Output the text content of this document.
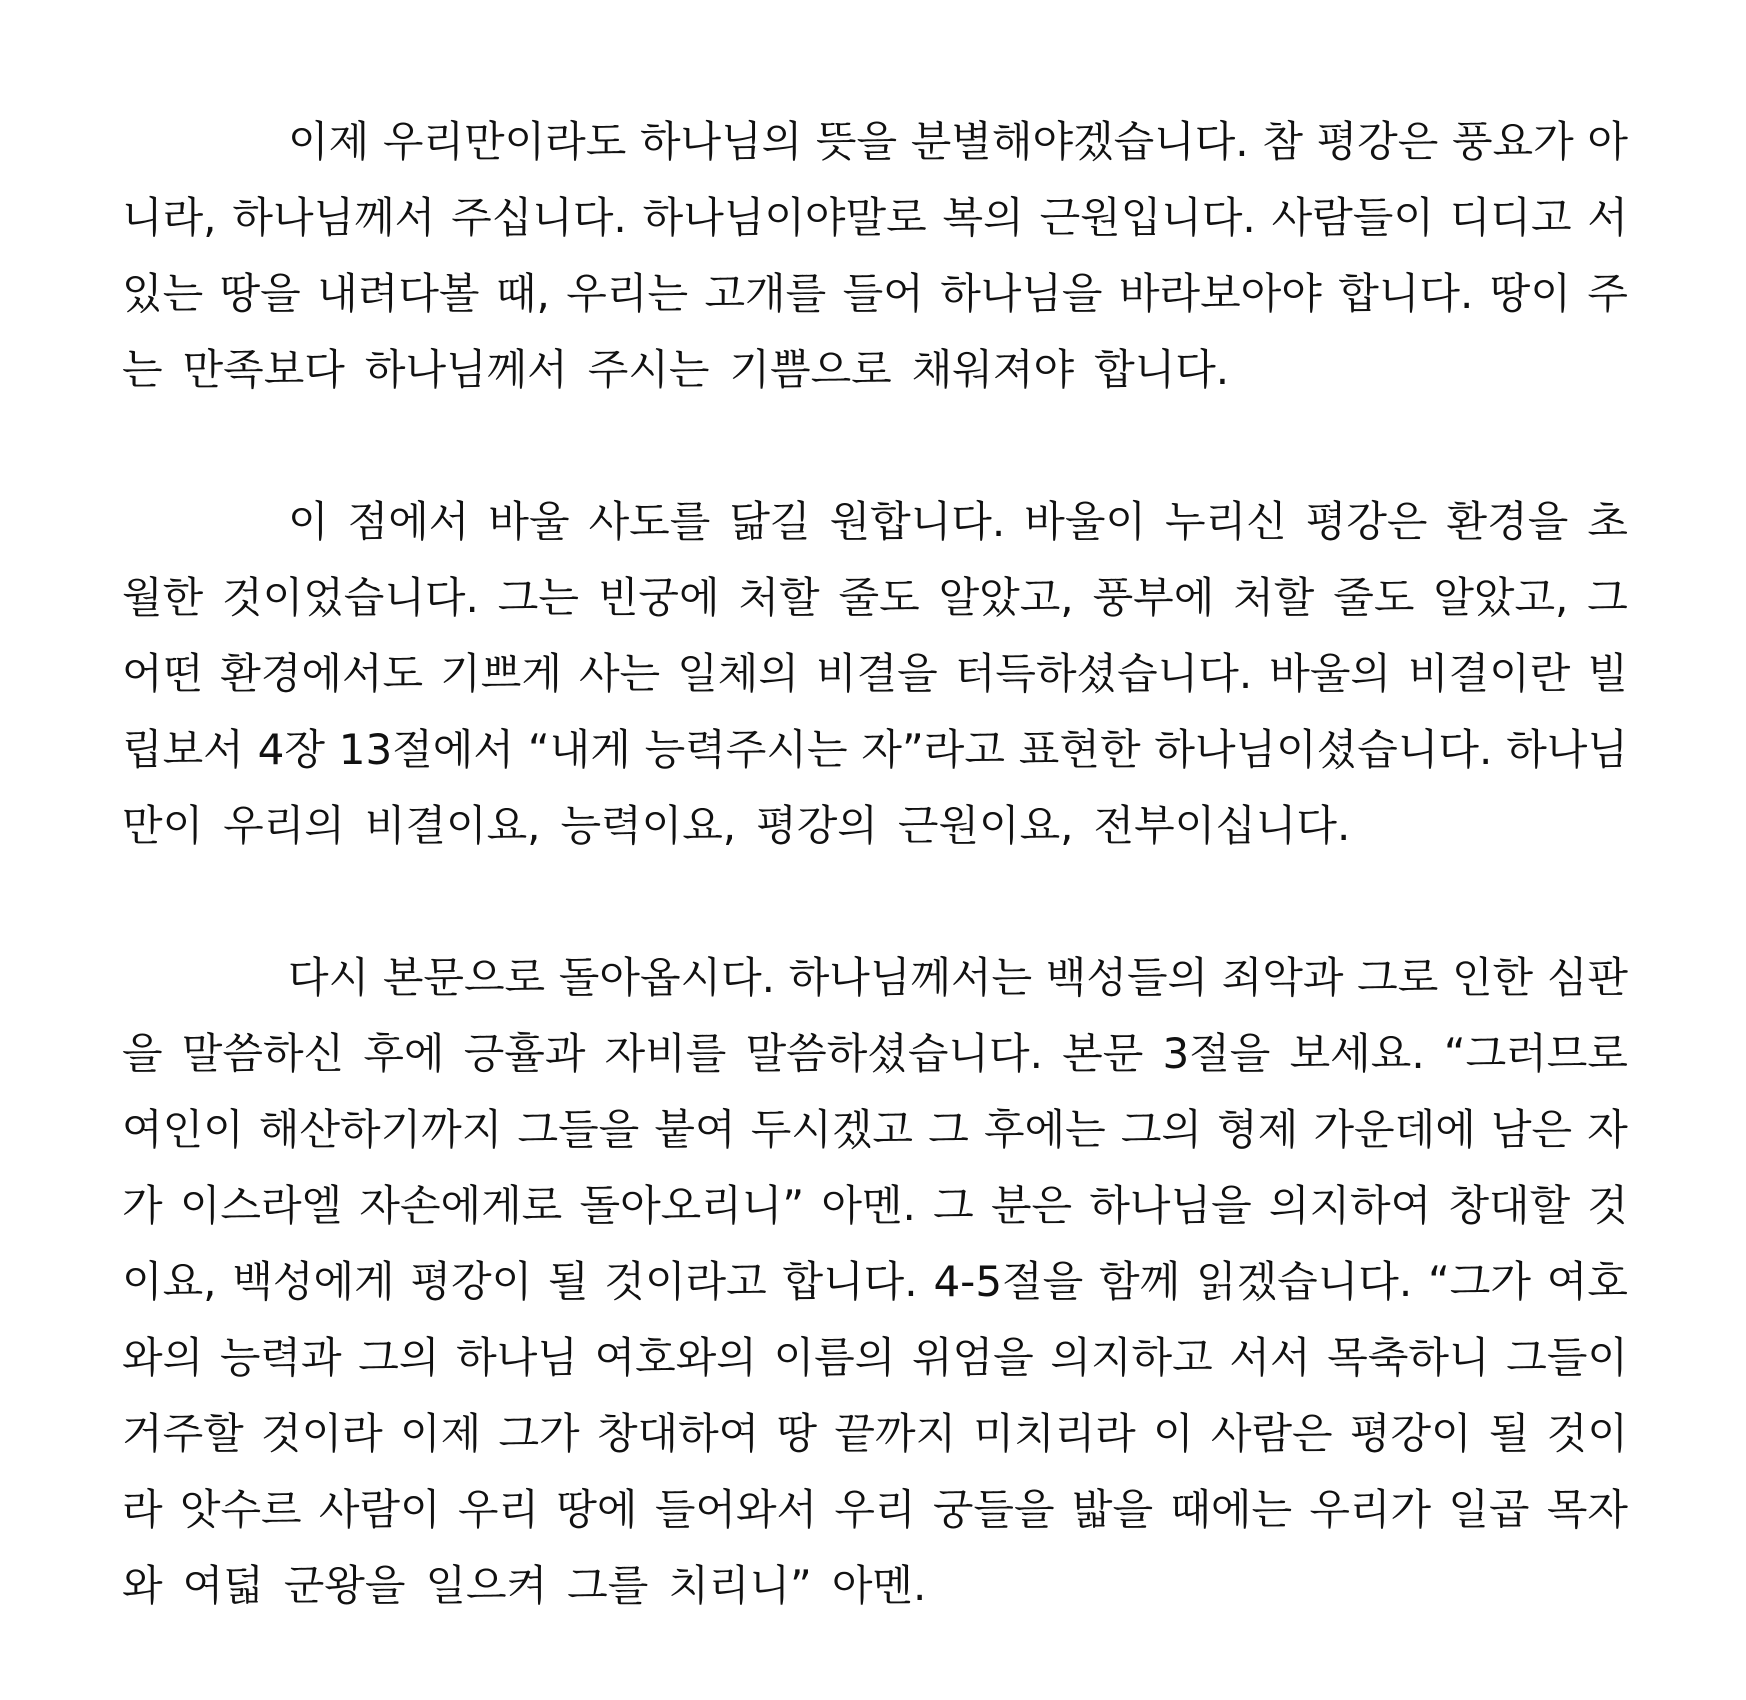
이제 우리만이라도 하나님의 뜻을 분별해야겠습니다. 참 평강은 풍요가 아
니라, 하나님께서 주십니다. 하나님이야말로 복의 근원입니다. 사람들이 디디고 서
있는 땅을 내려다볼 때, 우리는 고개를 들어 하나님을 바라보아야 합니다. 땅이 주
는 만족보다 하나님께서 주시는 기쁨으로 채워져야 합니다.
이 점에서 바울 사도를 닮길 원합니다. 바울이 누리신 평강은 환경을 초
월한 것이었습니다. 그는 빈궁에 처할 줄도 알았고, 풍부에 처할 줄도 알았고, 그
어떤 환경에서도 기쁘게 사는 일체의 비결을 터득하셨습니다. 바울의 비결이란 빌
립보서 4장 13절에서 “내게 능력주시는 자”라고 표현한 하나님이셨습니다. 하나님
만이 우리의 비결이요, 능력이요, 평강의 근원이요, 전부이십니다.
다시 본문으로 돌아옵시다. 하나님께서는 백성들의 죄악과 그로 인한 심판
을 말씀하신 후에 긍휼과 자비를 말씀하셨습니다. 본문 3절을 보세요. “그러므로
여인이 해산하기까지 그들을 붙여 두시겠고 그 후에는 그의 형제 가운데에 남은 자
가 이스라엘 자손에게로 돌아오리니” 아멘. 그 분은 하나님을 의지하여 창대할 것
이요, 백성에게 평강이 될 것이라고 합니다. 4-5절을 함께 읽겠습니다. “그가 여호
와의 능력과 그의 하나님 여호와의 이름의 위엄을 의지하고 서서 목축하니 그들이
거주할 것이라 이제 그가 창대하여 땅 끝까지 미치리라 이 사람은 평강이 될 것이
라 앗수르 사람이 우리 땅에 들어와서 우리 궁들을 밟을 때에는 우리가 일곱 목자
와 여덟 군왕을 일으켜 그를 치리니” 아멘.
